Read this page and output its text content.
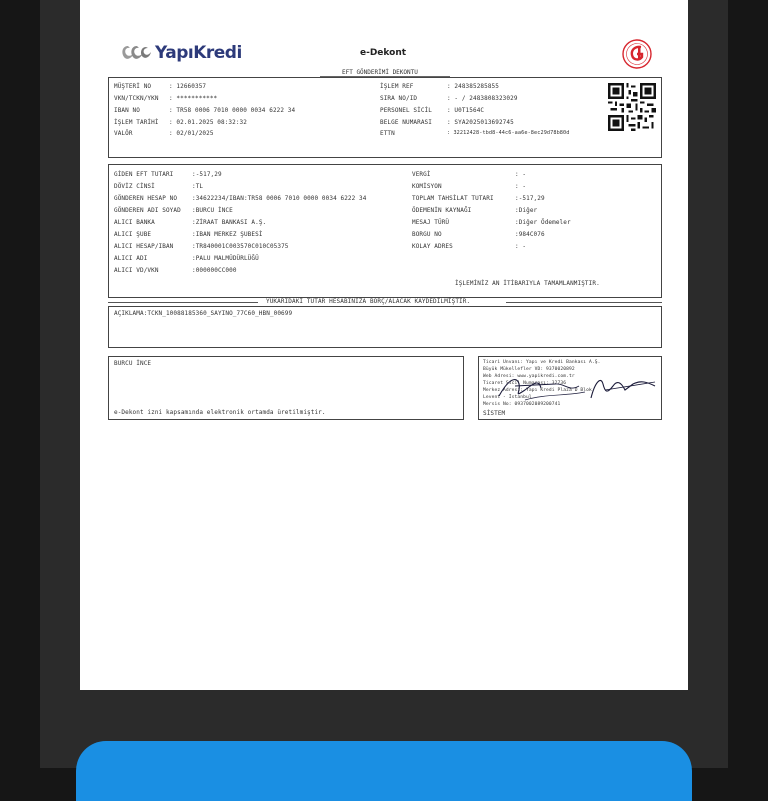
YapıKredi	e-Dekont
EFT GÖNDERİMİ DEKONTU
MÜŞTERİ NO
VKN/TCKN/YKN
IBAN NO
İŞLEM TARİHİ
VALÖR
: 12660357
: ***********
: TR58 0006 7010 0000 0034 6222 34
: 02.01.2025 08:32:32
: 02/01/2025
İŞLEM REF
SIRA NO/ID
PERSONEL SİCİL
BELGE NUMARASI
ETTN
: 248385285855
: - / 2483808323029
: U0T1564C
: SYA2025013692745
: 32212428-tbd8-44c6-aa6e-8ec29d78b80d
GİDEN EFT TUTARI
DÖVİZ CİNSİ
GÖNDEREN HESAP NO
GÖNDEREN ADI SOYAD
ALICI BANKA
ALICI ŞUBE
ALICI HESAP/IBAN
ALICI ADI
ALICI VD/VKN
:-517,29
:TL
:34622234/IBAN:TR58 0006 7010 0000 0034 6222 34
:BURCU İNCE
:ZİRAAT BANKASI A.Ş.
:IBAN MERKEZ ŞUBESİ
:TR840001C003570C010C05375
:PALU MALMÜDÜRLÜĞÜ
:000000CC000
VERGİ
KOMİSYON
TOPLAM TAHSİLAT TUTARI
ÖDEMENİN KAYNAĞI
MESAJ TÜRÜ
BORGU NO
KOLAY ADRES
: -
: -
:-517,29
:Diğer
:Diğer Ödemeler
:984C076
: -
İŞLEMİNİZ AN İTİBARIYLA TAMAMLANMIŞTIR.
YUKARIDAKİ TUTAR HESABINIZA BORÇ/ALACAK KAYDEDİLMİŞTİR.
AÇIKLAMA:TCKN_10088185360_SAYINO_77C60_HBN_00699
BURCU İNCE
e-Dekont izni kapsamında elektronik ortamda üretilmiştir.
Ticari Unvanı: Yapı ve Kredi Bankası A.Ş.
Büyük Mükellefler VD: 9370020892
Web Adresi: www.yapikredi.com.tr
Ticaret Sicil Numarası: 32736
Merkez Adresi: Yapı Kredi Plaza D Blok
Levent - İstanbul
Mersis No: 0937002089200741
SİSTEM
